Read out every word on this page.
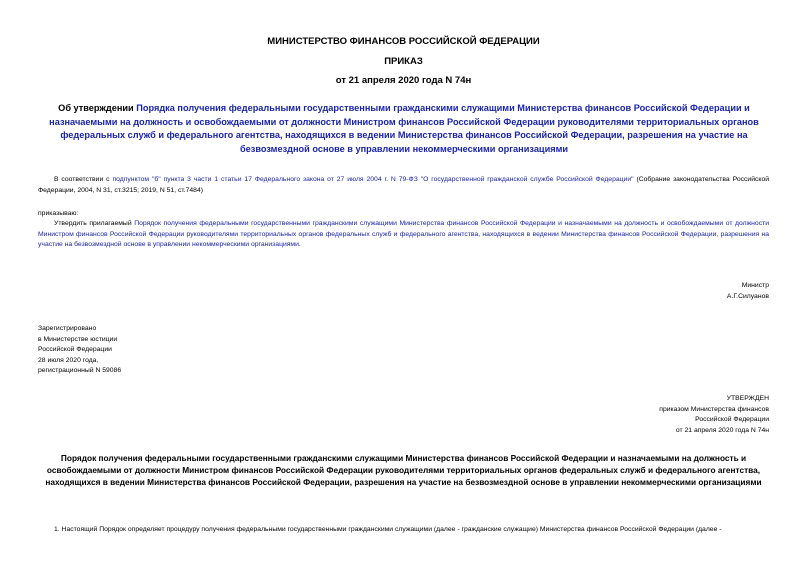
МИНИСТЕРСТВО ФИНАНСОВ РОССИЙСКОЙ ФЕДЕРАЦИИ
ПРИКАЗ
от 21 апреля 2020 года N 74н
Об утверждении Порядка получения федеральными государственными гражданскими служащими Министерства финансов Российской Федерации и назначаемыми на должность и освобождаемыми от должности Министром финансов Российской Федерации руководителями территориальных органов федеральных служб и федерального агентства, находящихся в ведении Министерства финансов Российской Федерации, разрешения на участие на безвозмездной основе в управлении некоммерческими организациями
В соответствии с подпунктом "б" пункта 3 части 1 статьи 17 Федерального закона от 27 июля 2004 г. N 79-ФЗ "О государственной гражданской службе Российской Федерации" (Собрание законодательства Российской Федерации, 2004, N 31, ст.3215; 2019, N 51, ст.7484)
приказываю:
Утвердить прилагаемый Порядок получения федеральными государственными гражданскими служащими Министерства финансов Российской Федерации и назначаемыми на должность и освобождаемыми от должности Министром финансов Российской Федерации руководителями территориальных органов федеральных служб и федерального агентства, находящихся в ведении Министерства финансов Российской Федерации, разрешения на участие на безвозмездной основе в управлении некоммерческими организациями.
Министр
А.Г.Силуанов
Зарегистрировано
в Министерстве юстиции
Российской Федерации
28 июля 2020 года,
регистрационный N 59086
УТВЕРЖДЕН
приказом Министерства финансов
Российской Федерации
от 21 апреля 2020 года N 74н
Порядок получения федеральными государственными гражданскими служащими Министерства финансов Российской Федерации и назначаемыми на должность и освобождаемыми от должности Министром финансов Российской Федерации руководителями территориальных органов федеральных служб и федерального агентства, находящихся в ведении Министерства финансов Российской Федерации, разрешения на участие на безвозмездной основе в управлении некоммерческими организациями
1. Настоящий Порядок определяет процедуру получения федеральными государственными гражданскими служащими (далее - гражданские служащие) Министерства финансов Российской Федерации (далее -
